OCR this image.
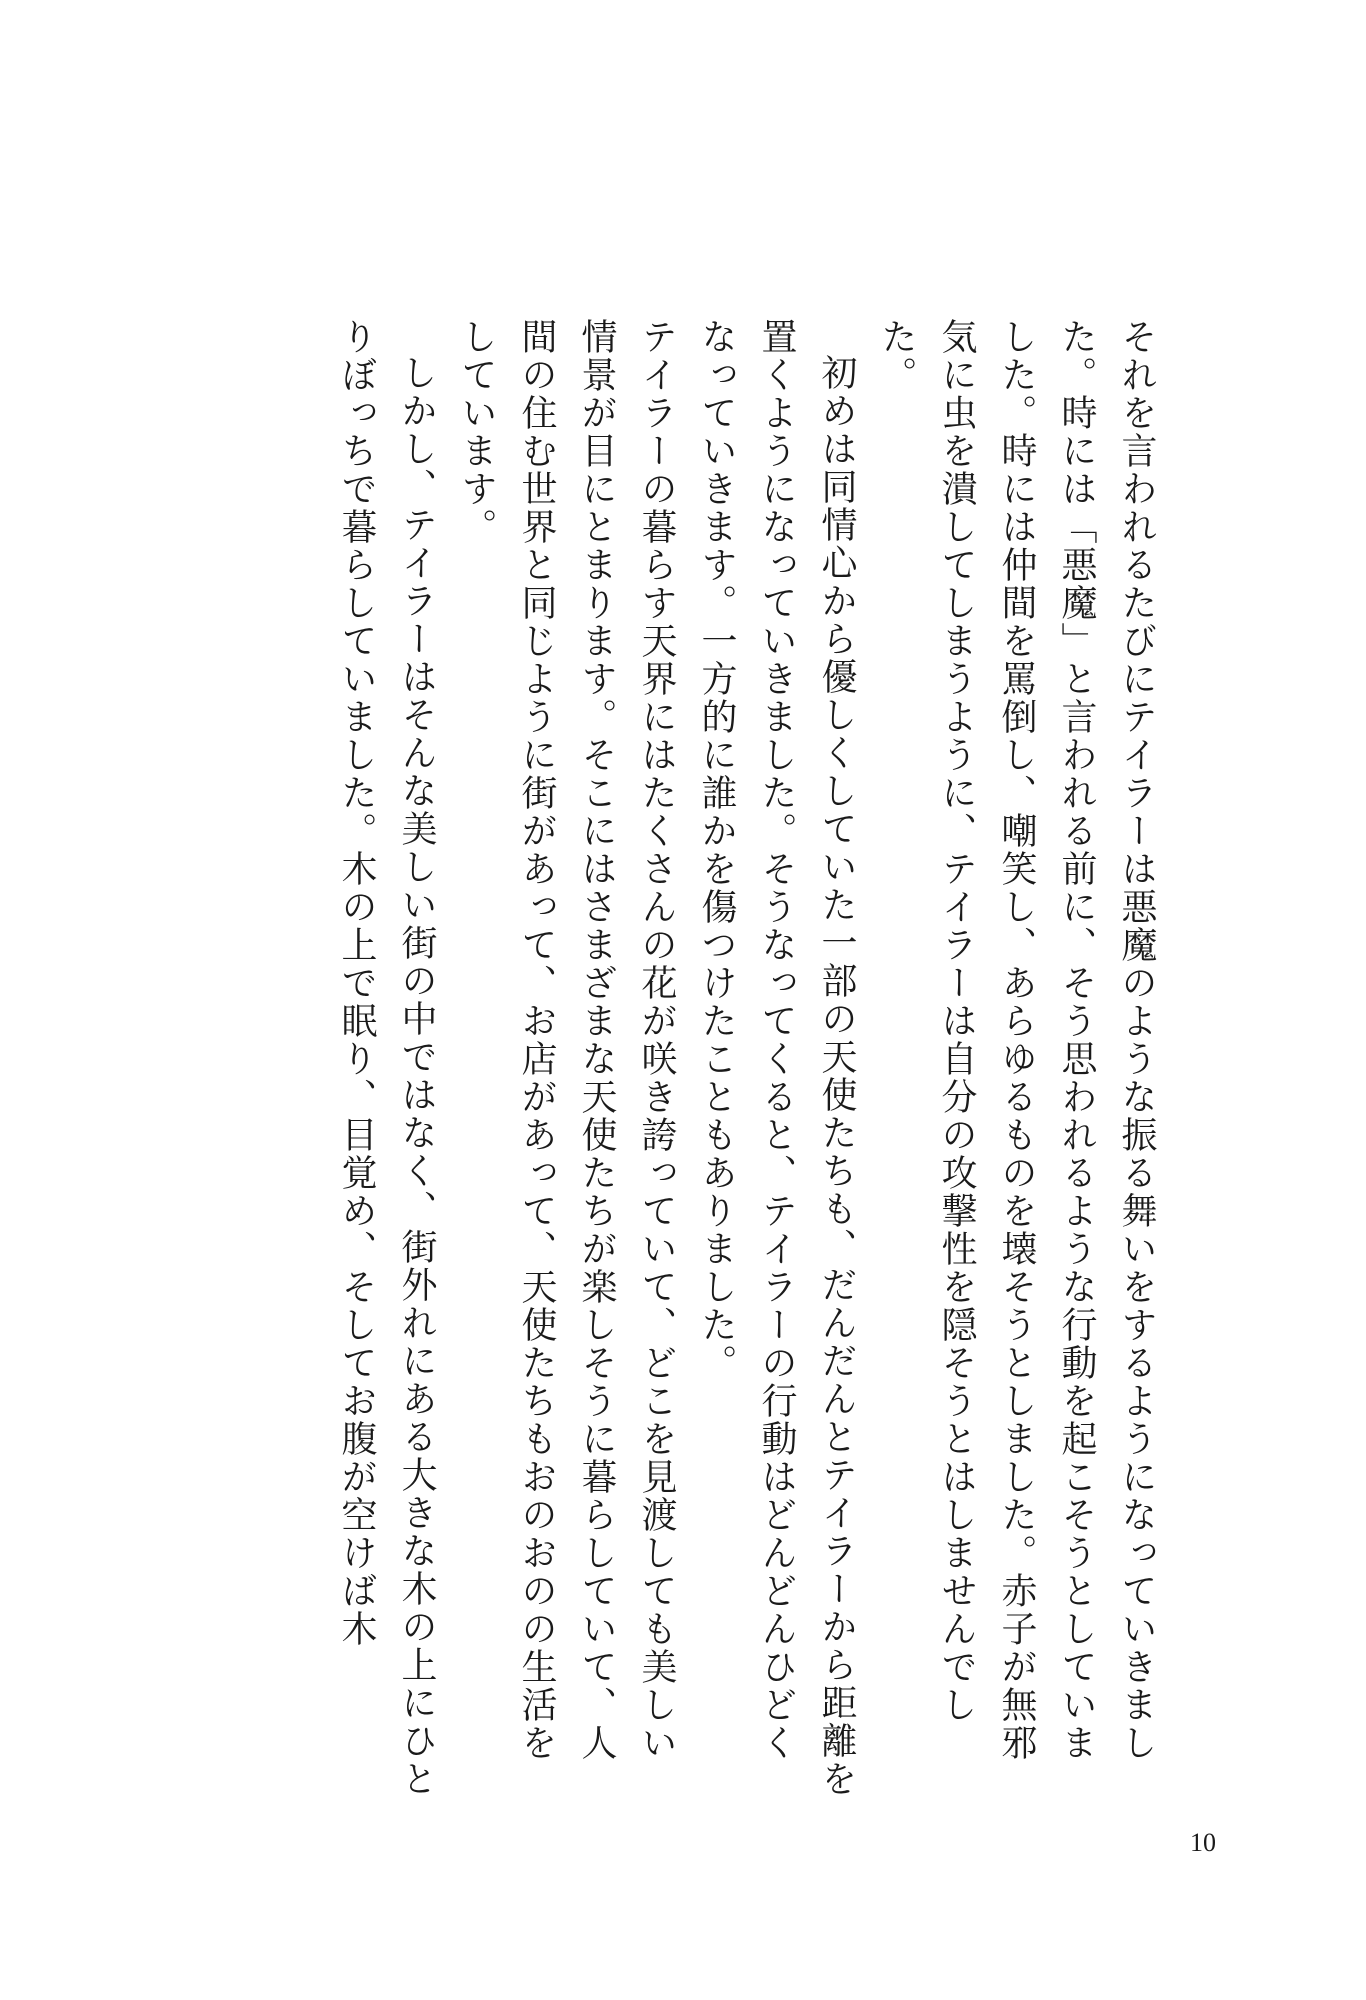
それを言われるたびにテイラーは悪魔のような振る舞いをするようになっていきました。時には「悪魔」と言われる前に、そう思われるような行動を起こそうとしていました。時には仲間を罵倒し、嘲笑し、あらゆるものを壊そうとしました。赤子が無邪気に虫を潰してしまうように、テイラーは自分の攻撃性を隠そうとはしませんでした。

初めは同情心から優しくしていた一部の天使たちも、だんだんとテイラーから距離を置くようになっていきました。そうなってくると、テイラーの行動はどんどんひどくなっていきます。一方的に誰かを傷つけたこともありました。

テイラーの暮らす天界にはたくさんの花が咲き誇っていて、どこを見渡しても美しい情景が目にとまります。そこにはさまざまな天使たちが楽しそうに暮らしていて、人間の住む世界と同じように街があって、お店があって、天使たちもおのおのの生活をしています。

しかし、テイラーはそんな美しい街の中ではなく、街外れにある大きな木の上にひとりぼっちで暮らしていました。木の上で眠り、目覚め、そしてお腹が空けば木

10
